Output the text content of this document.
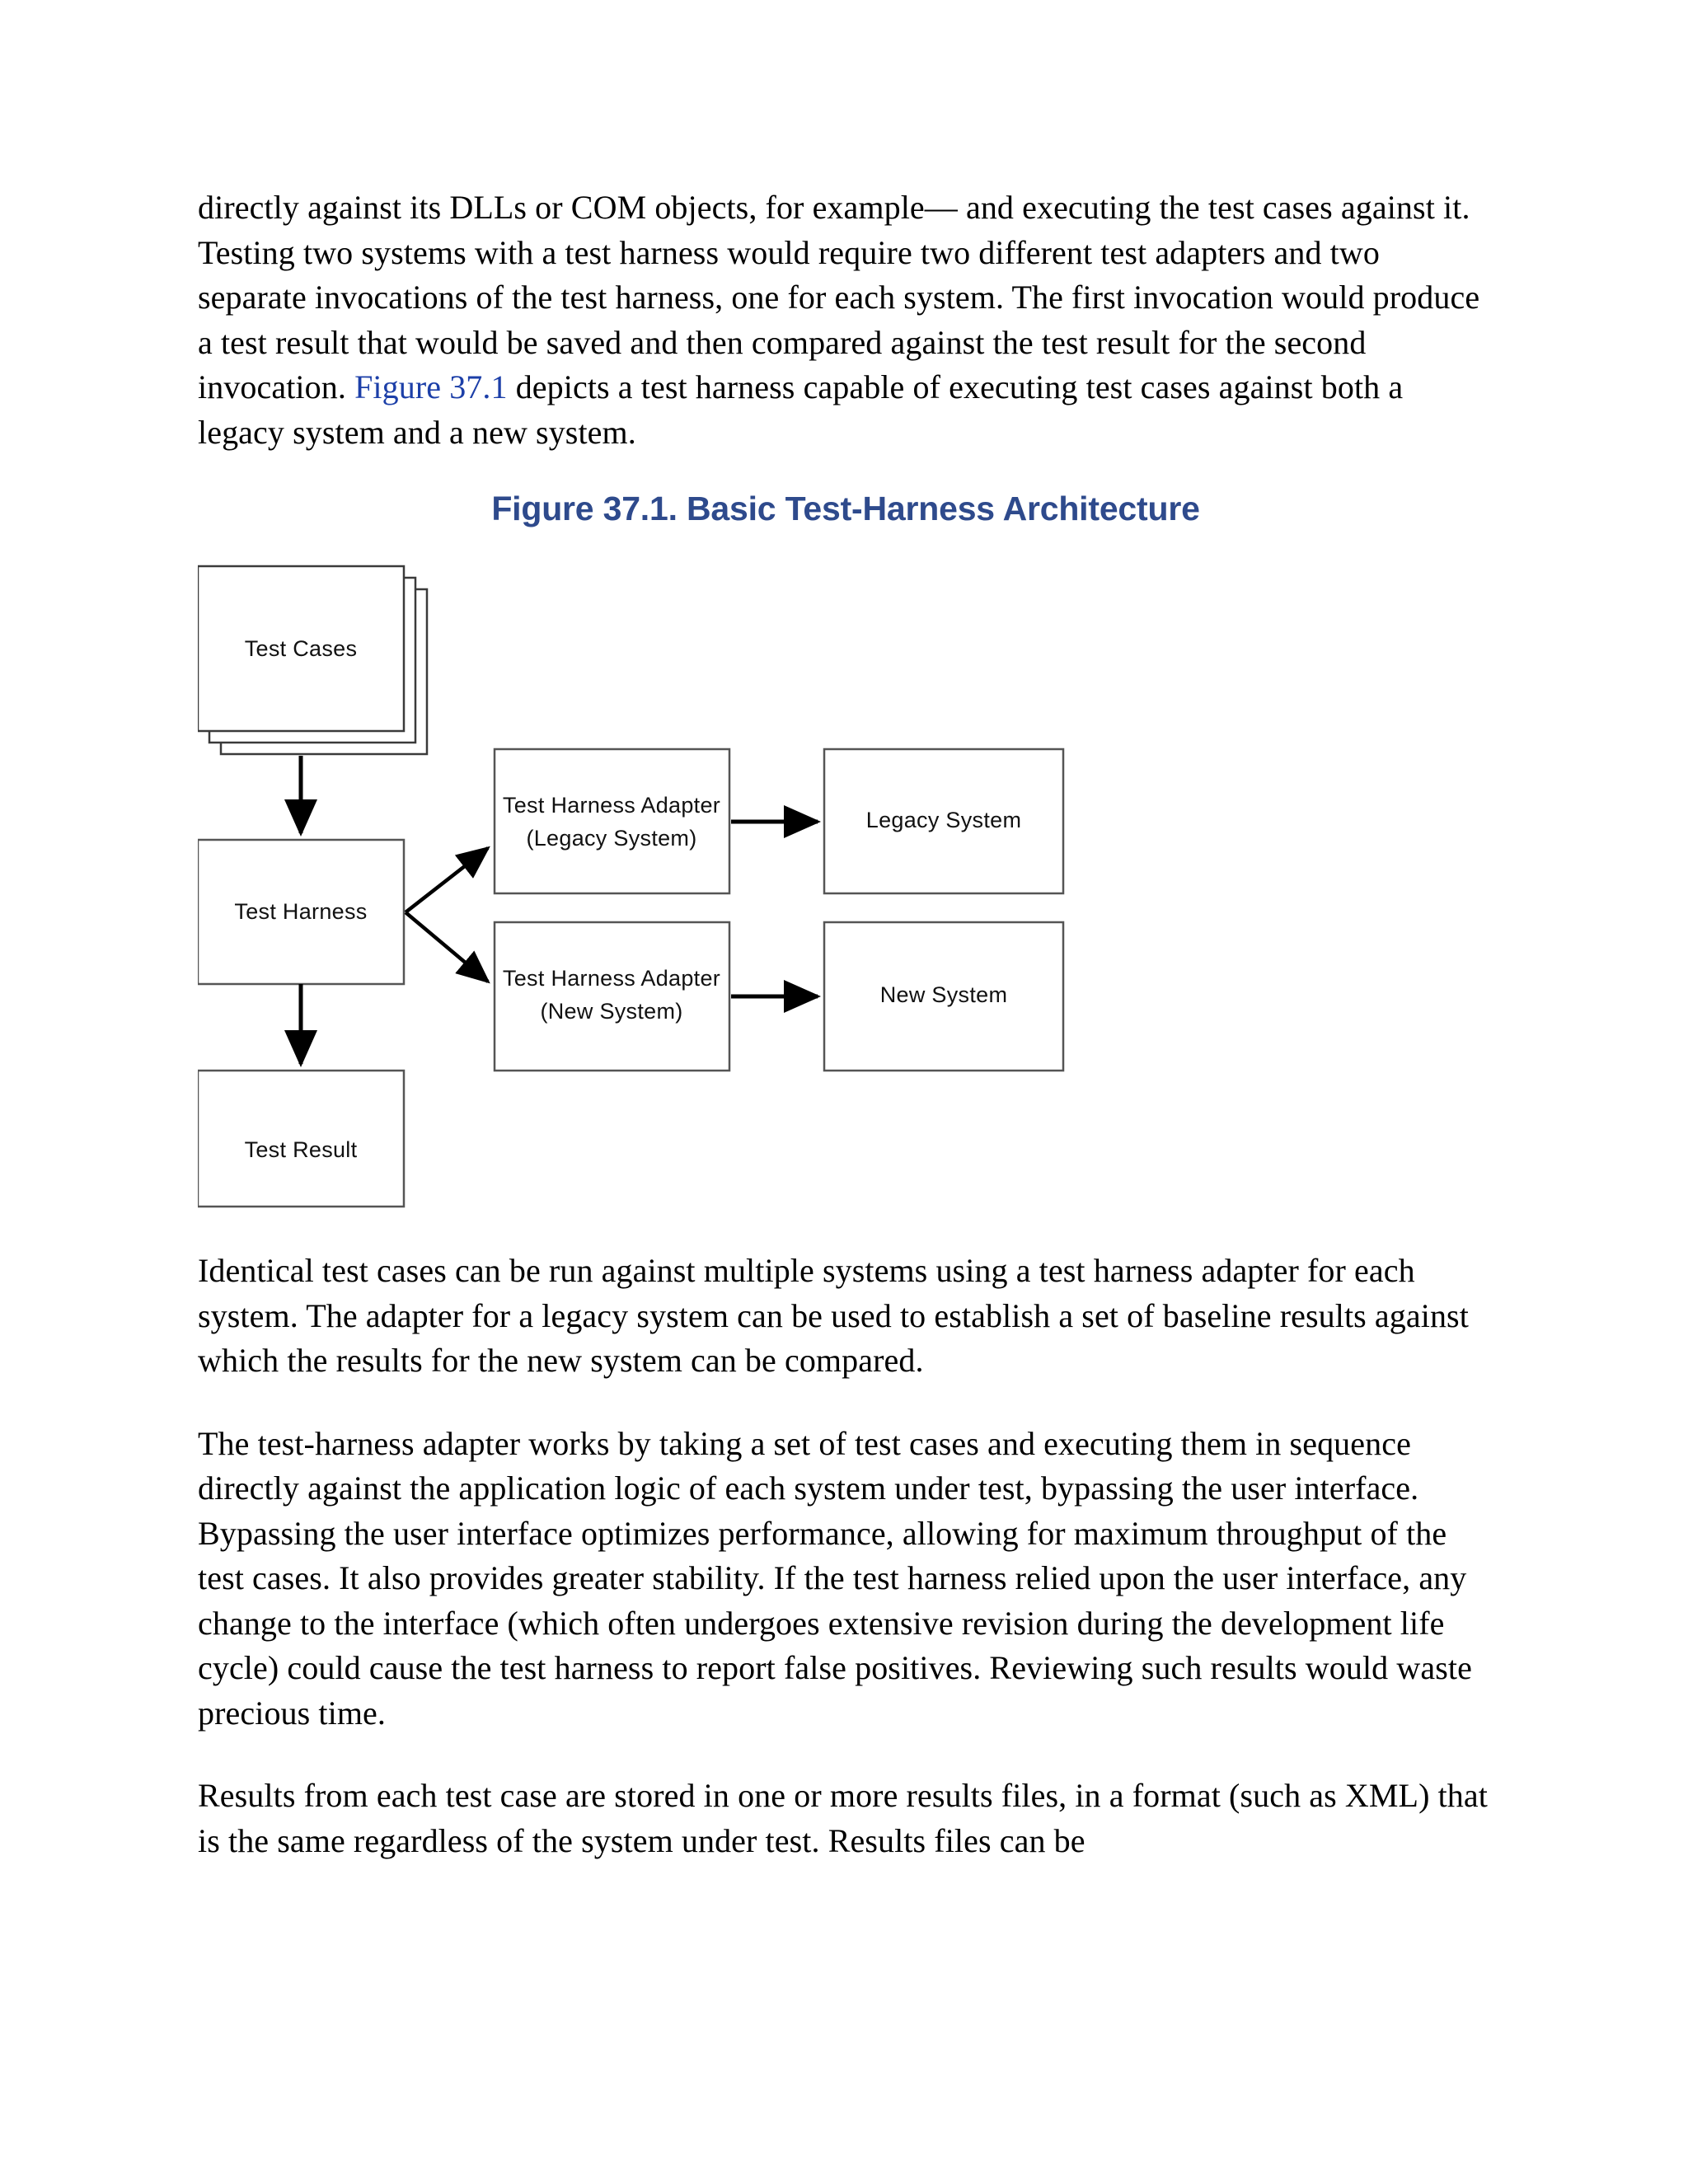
directly against its DLLs or COM objects, for example— and executing the test cases against it. Testing two systems with a test harness would require two different test adapters and two separate invocations of the test harness, one for each system. The first invocation would produce a test result that would be saved and then compared against the test result for the second invocation. Figure 37.1 depicts a test harness capable of executing test cases against both a legacy system and a new system.

Figure 37.1. Basic Test-Harness Architecture
Test Cases
Test Harness
Test Result
Test Harness Adapter
(Legacy System)
Test Harness Adapter
(New System)
Legacy System
New System

Identical test cases can be run against multiple systems using a test harness adapter for each system. The adapter for a legacy system can be used to establish a set of baseline results against which the results for the new system can be compared.

The test-harness adapter works by taking a set of test cases and executing them in sequence directly against the application logic of each system under test, bypassing the user interface. Bypassing the user interface optimizes performance, allowing for maximum throughput of the test cases. It also provides greater stability. If the test harness relied upon the user interface, any change to the interface (which often undergoes extensive revision during the development life cycle) could cause the test harness to report false positives. Reviewing such results would waste precious time.

Results from each test case are stored in one or more results files, in a format (such as XML) that is the same regardless of the system under test. Results files can be
